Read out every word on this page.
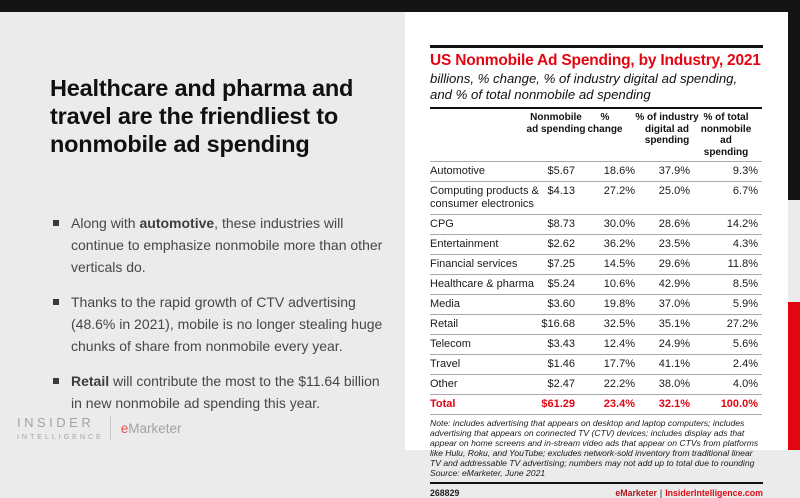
Healthcare and pharma and travel are the friendliest to nonmobile ad spending

Along with automotive, these industries will continue to emphasize nonmobile more than other verticals do.

Thanks to the rapid growth of CTV advertising (48.6% in 2021), mobile is no longer stealing huge chunks of share from nonmobile every year.

Retail will contribute the most to the $11.64 billion in new nonmobile ad spending this year.

INSIDER
INTELLIGENCE
eMarketer
US Nonmobile Ad Spending, by Industry, 2021
billions, % change, % of industry digital ad spending, and % of total nonmobile ad spending

	Nonmobile ad spending	% change	% of industry digital ad spending	% of total nonmobile ad spending

Automotive	$5.67	18.6%	37.9%	9.3%

Computing products & consumer electronics	$4.13	27.2%	25.0%	6.7%

CPG	$8.73	30.0%	28.6%	14.2%

Entertainment	$2.62	36.2%	23.5%	4.3%

Financial services	$7.25	14.5%	29.6%	11.8%

Healthcare & pharma	$5.24	10.6%	42.9%	8.5%

Media	$3.60	19.8%	37.0%	5.9%

Retail	$16.68	32.5%	35.1%	27.2%

Telecom	$3.43	12.4%	24.9%	5.6%

Travel	$1.46	17.7%	41.1%	2.4%

Other	$2.47	22.2%	38.0%	4.0%

Total	$61.29	23.4%	32.1%	100.0%
Note: includes advertising that appears on desktop and laptop computers; includes advertising that appears on connected TV (CTV) devices; includes display ads that appear on home screens and in-stream video ads that appear on CTVs from platforms like Hulu, Roku, and YouTube; excludes network-sold inventory from traditional linear TV and addressable TV advertising; numbers may not add up to total due to rounding
Source: eMarketer, June 2021
268829	eMarketer | InsiderIntelligence.com
